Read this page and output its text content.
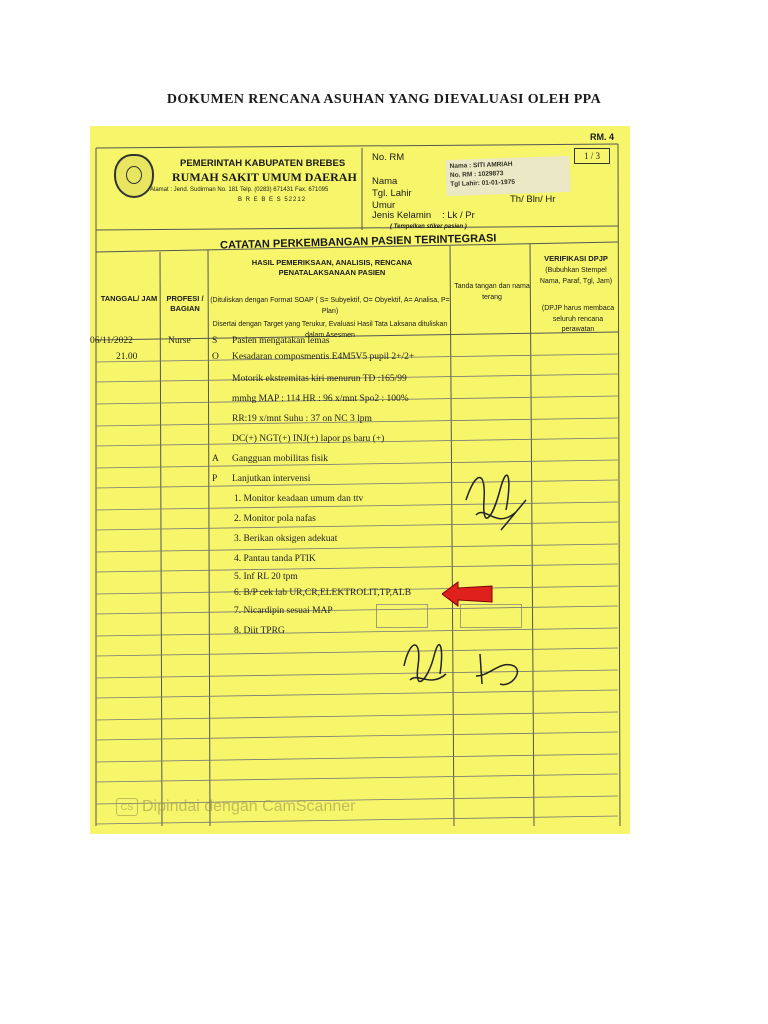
DOKUMEN RENCANA ASUHAN YANG DIEVALUASI OLEH PPA
RM. 4
PEMERINTAH KABUPATEN BREBES
RUMAH SAKIT UMUM DAERAH
Alamat : Jend. Sudirman No. 181 Telp. (0283) 671431 Fax. 671095
B R E B E S 52212
No. RM
Nama
Tgl. Lahir
Umur
Jenis Kelamin : Lk / Pr
Th/ Bln/ Hr
( Tempelkan stiker pasien )
Nama : SITI AMRIAH
No. RM : 1029873
Tgl Lahir: 01-01-1975
1 / 3
CATATAN PERKEMBANGAN PASIEN TERINTEGRASI
TANGGAL/ JAM	PROFESI / BAGIAN
HASIL PEMERIKSAAN, ANALISIS, RENCANA PENATALAKSANAAN PASIEN
(Dituliskan dengan Format SOAP ( S= Subyektif, O= Obyektif, A= Analisa, P= Plan)
Disertai dengan Target yang Terukur, Evaluasi Hasil Tata Laksana dituliskan dalam Asesmen
Tanda tangan dan nama terang
VERIFIKASI DPJP
(Bubuhkan Stempel Nama, Paraf, Tgl, Jam)
(DPJP harus membaca seluruh rencana perawatan
06/11/2022
21.00
Nurse S Pasien mengatakan lemas
O Kesadaran composmentis E4M5V5 pupil 2+/2+
Motorik ekstremitas kiri menurun TD :165/99
mmhg MAP : 114 HR : 96 x/mnt Spo2 : 100%
RR:19 x/mnt Suhu : 37 on NC 3 lpm
DC(+) NGT(+) INJ(+) lapor ps baru (+)
A Gangguan mobilitas fisik
P Lanjutkan intervensi
1. Monitor keadaan umum dan ttv
2. Monitor pola nafas
3. Berikan oksigen adekuat
4. Pantau tanda PTIK
5. Inf RL 20 tpm
6. B/P cek lab UR,CR,ELEKTROLIT,TP,ALB
7. Nicardipin sesuai MAP
8. Diit TPRG
CS Dipindai dengan CamScanner
